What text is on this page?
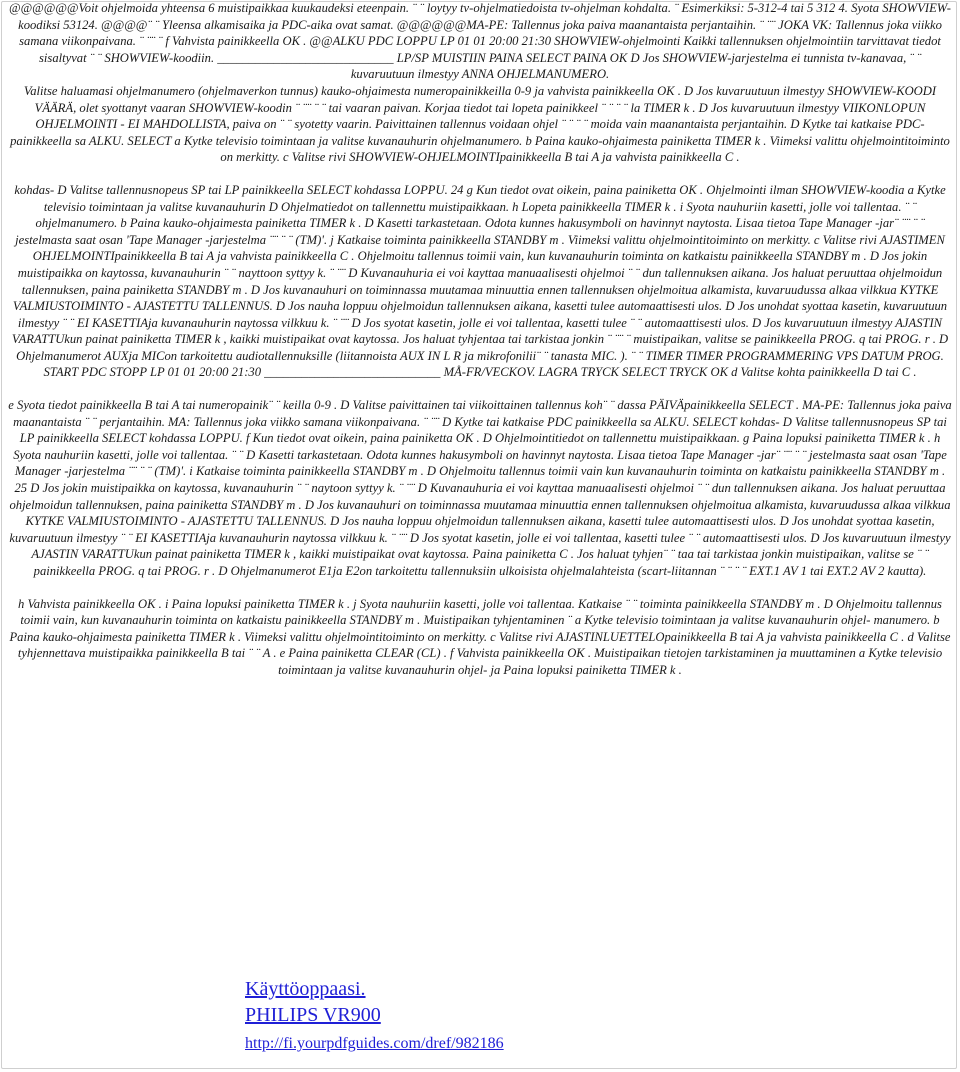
@@@@@@Voit ohjelmoida yhteensa 6 muistipaikkaa kuukaudeksi eteenpain. ¨ ¨ loytyy tv-ohjelmatiedoista tv-ohjelman kohdalta. ¨ Esimerkiksi: 5-312-4 tai 5 312 4. Syota SHOWVIEW-koodiksi 53124. @@@@¨ ¨ Yleensa alkamisaika ja PDC-aika ovat samat. @@@@@@MA-PE: Tallennus joka paiva maanantaista perjantaihin. ¨ ¨¨ JOKA VK: Tallennus joka viikko samana viikonpaivana. ¨ ¨¨ ¨ f Vahvista painikkeella OK . @@ALKU PDC LOPPU LP 01 01 20:00 21:30 SHOWVIEW-ohjelmointi Kaikki tallennuksen ohjelmointiin tarvittavat tiedot sisaltyvat ¨ ¨ SHOWVIEW-koodiin. ____________________________ LP/SP MUISTIIN PAINA SELECT PAINA OK D Jos SHOWVIEW-jarjestelma ei tunnista tv-kanavaa, ¨ ¨ kuvaruutuun ilmestyy ANNA OHJELMANUMERO.

Valitse haluamasi ohjelmanumero (ohjelmaverkon tunnus) kauko-ohjaimesta numeropainikkeilla 0-9 ja vahvista painikkeella OK . D Jos kuvaruutuun ilmestyy SHOWVIEW-KOODI VÄÄRÄ, olet syottanyt vaaran SHOWVIEW-koodin ¨ ¨¨ ¨ ¨ tai vaaran paivan. Korjaa tiedot tai lopeta painikkeel ¨ ¨ ¨ ¨ la TIMER k . D Jos kuvaruutuun ilmestyy VIIKONLOPUN OHJELMOINTI - EI MAHDOLLISTA, paiva on ¨ ¨ syotetty vaarin. Paivittainen tallennus voidaan ohjel ¨ ¨ ¨ ¨ moida vain maanantaista perjantaihin. D Kytke tai katkaise PDC-painikkeella sa ALKU. SELECT a Kytke televisio toimintaan ja valitse kuvanauhurin ohjelmanumero. b Paina kauko-ohjaimesta painiketta TIMER k . Viimeksi valittu ohjelmointitoiminto on merkitty. c Valitse rivi SHOWVIEW-OHJELMOINTIpainikkeella B tai A ja vahvista painikkeella C .

kohdas- D Valitse tallennusnopeus SP tai LP painikkeella SELECT kohdassa LOPPU. 24 g Kun tiedot ovat oikein, paina painiketta OK . Ohjelmointi ilman SHOWVIEW-koodia a Kytke televisio toimintaan ja valitse kuvanauhurin D Ohjelmatiedot on tallennettu muistipaikkaan. h Lopeta painikkeella TIMER k . i Syota nauhuriin kasetti, jolle voi tallentaa. ¨ ¨ ohjelmanumero. b Paina kauko-ohjaimesta painiketta TIMER k . D Kasetti tarkastetaan. Odota kunnes hakusymboli on havinnyt naytosta. Lisaa tietoa Tape Manager -jar¨ ¨¨ ¨ ¨ jestelmasta saat osan 'Tape Manager -jarjestelma ¨¨ ¨ ¨ (TM)'. j Katkaise toiminta painikkeella STANDBY m . Viimeksi valittu ohjelmointitoiminto on merkitty. c Valitse rivi AJASTIMEN OHJELMOINTIpainikkeella B tai A ja vahvista painikkeella C . Ohjelmoitu tallennus toimii vain, kun kuvanauhurin toiminta on katkaistu painikkeella STANDBY m . D Jos jokin muistipaikka on kaytossa, kuvanauhurin ¨ ¨ nayttoon syttyy k. ¨ ¨¨ D Kuvanauhuria ei voi kayttaa manuaalisesti ohjelmoi ¨ ¨ dun tallennuksen aikana. Jos haluat peruuttaa ohjelmoidun tallennuksen, paina painiketta STANDBY m . D Jos kuvanauhuri on toiminnassa muutamaa minuuttia ennen tallennuksen ohjelmoitua alkamista, kuvaruudussa alkaa vilkkua KYTKE VALMIUSTOIMINTO - AJASTETTU TALLENNUS. D Jos nauha loppuu ohjelmoidun tallennuksen aikana, kasetti tulee automaattisesti ulos. D Jos unohdat syottaa kasetin, kuvaruutuun ilmestyy ¨ ¨ EI KASETTIAja kuvanauhurin naytossa vilkkuu k. ¨ ¨¨ D Jos syotat kasetin, jolle ei voi tallentaa, kasetti tulee ¨ ¨ automaattisesti ulos. D Jos kuvaruutuun ilmestyy AJASTIN VARATTUkun painat painiketta TIMER k , kaikki muistipaikat ovat kaytossa. Jos haluat tyhjentaa tai tarkistaa jonkin ¨ ¨¨ ¨ muistipaikan, valitse se painikkeella PROG. q tai PROG. r . D Ohjelmanumerot AUXja MICon tarkoitettu audiotallennuksille (liitannoista AUX IN L R ja mikrofonilii¨ ¨ tanasta MIC. ). ¨ ¨ TIMER TIMER PROGRAMMERING VPS DATUM PROG. START PDC STOPP LP 01 01 20:00 21:30 ____________________________ MÅ-FR/VECKOV. LAGRA TRYCK SELECT TRYCK OK d Valitse kohta painikkeella D tai C .

e Syota tiedot painikkeella B tai A tai numeropainik¨ ¨ keilla 0-9 . D Valitse paivittainen tai viikoittainen tallennus koh¨ ¨ dassa PÄIVÄpainikkeella SELECT . MA-PE: Tallennus joka paiva maanantaista ¨ ¨ perjantaihin. MA: Tallennus joka viikko samana viikonpaivana. ¨ ¨¨ D Kytke tai katkaise PDC painikkeella sa ALKU. SELECT kohdas- D Valitse tallennusnopeus SP tai LP painikkeella SELECT kohdassa LOPPU. f Kun tiedot ovat oikein, paina painiketta OK . D Ohjelmointitiedot on tallennettu muistipaikkaan. g Paina lopuksi painiketta TIMER k . h Syota nauhuriin kasetti, jolle voi tallentaa. ¨ ¨ D Kasetti tarkastetaan. Odota kunnes hakusymboli on havinnyt naytosta. Lisaa tietoa Tape Manager -jar¨ ¨¨ ¨ ¨ jestelmasta saat osan 'Tape Manager -jarjestelma ¨¨ ¨ ¨ (TM)'. i Katkaise toiminta painikkeella STANDBY m . D Ohjelmoitu tallennus toimii vain kun kuvanauhurin toiminta on katkaistu painikkeella STANDBY m .

25 D Jos jokin muistipaikka on kaytossa, kuvanauhurin ¨ ¨ naytoon syttyy k. ¨ ¨¨ D Kuvanauhuria ei voi kayttaa manuaalisesti ohjelmoi ¨ ¨ dun tallennuksen aikana. Jos haluat peruuttaa ohjelmoidun tallennuksen, paina painiketta STANDBY m . D Jos kuvanauhuri on toiminnassa muutamaa minuuttia ennen tallennuksen ohjelmoitua alkamista, kuvaruudussa alkaa vilkkua KYTKE VALMIUSTOIMINTO - AJASTETTU TALLENNUS. D Jos nauha loppuu ohjelmoidun tallennuksen aikana, kasetti tulee automaattisesti ulos. D Jos unohdat syottaa kasetin, kuvaruutuun ilmestyy ¨ ¨ EI KASETTIAja kuvanauhurin naytossa vilkkuu k. ¨ ¨¨ D Jos syotat kasetin, jolle ei voi tallentaa, kasetti tulee ¨ ¨ automaattisesti ulos. D Jos kuvaruutuun ilmestyy AJASTIN VARATTUkun painat painiketta TIMER k , kaikki muistipaikat ovat kaytossa. Paina painiketta C . Jos haluat tyhjen¨ ¨ taa tai tarkistaa jonkin muistipaikan, valitse se ¨ ¨ painikkeella PROG. q tai PROG. r . D Ohjelmanumerot E1ja E2on tarkoitettu tallennuksiin ulkoisista ohjelmalahteista (scart-liitannan ¨ ¨ ¨ ¨ EXT.1 AV 1 tai EXT.2 AV 2 kautta).

h Vahvista painikkeella OK . i Paina lopuksi painiketta TIMER k . j Syota nauhuriin kasetti, jolle voi tallentaa. Katkaise ¨ ¨ toiminta painikkeella STANDBY m . D Ohjelmoitu tallennus toimii vain, kun kuvanauhurin toiminta on katkaistu painikkeella STANDBY m . Muistipaikan tyhjentaminen ¨ a Kytke televisio toimintaan ja valitse kuvanauhurin ohjel- manumero. b Paina kauko-ohjaimesta painiketta TIMER k . Viimeksi valittu ohjelmointitoiminto on merkitty. c Valitse rivi AJASTINLUETTELOpainikkeella B tai A ja vahvista painikkeella C . d Valitse tyhjennettava muistipaikka painikkeella B tai ¨ ¨ A . e Paina painiketta CLEAR (CL) . f Vahvista painikkeella OK . Muistipaikan tietojen tarkistaminen ja muuttaminen a Kytke televisio toimintaan ja valitse kuvanauhurin ohjel- ja Paina lopuksi painiketta TIMER k .

Käyttöoppaasi.
PHILIPS VR900
http://fi.yourpdfguides.com/dref/982186
